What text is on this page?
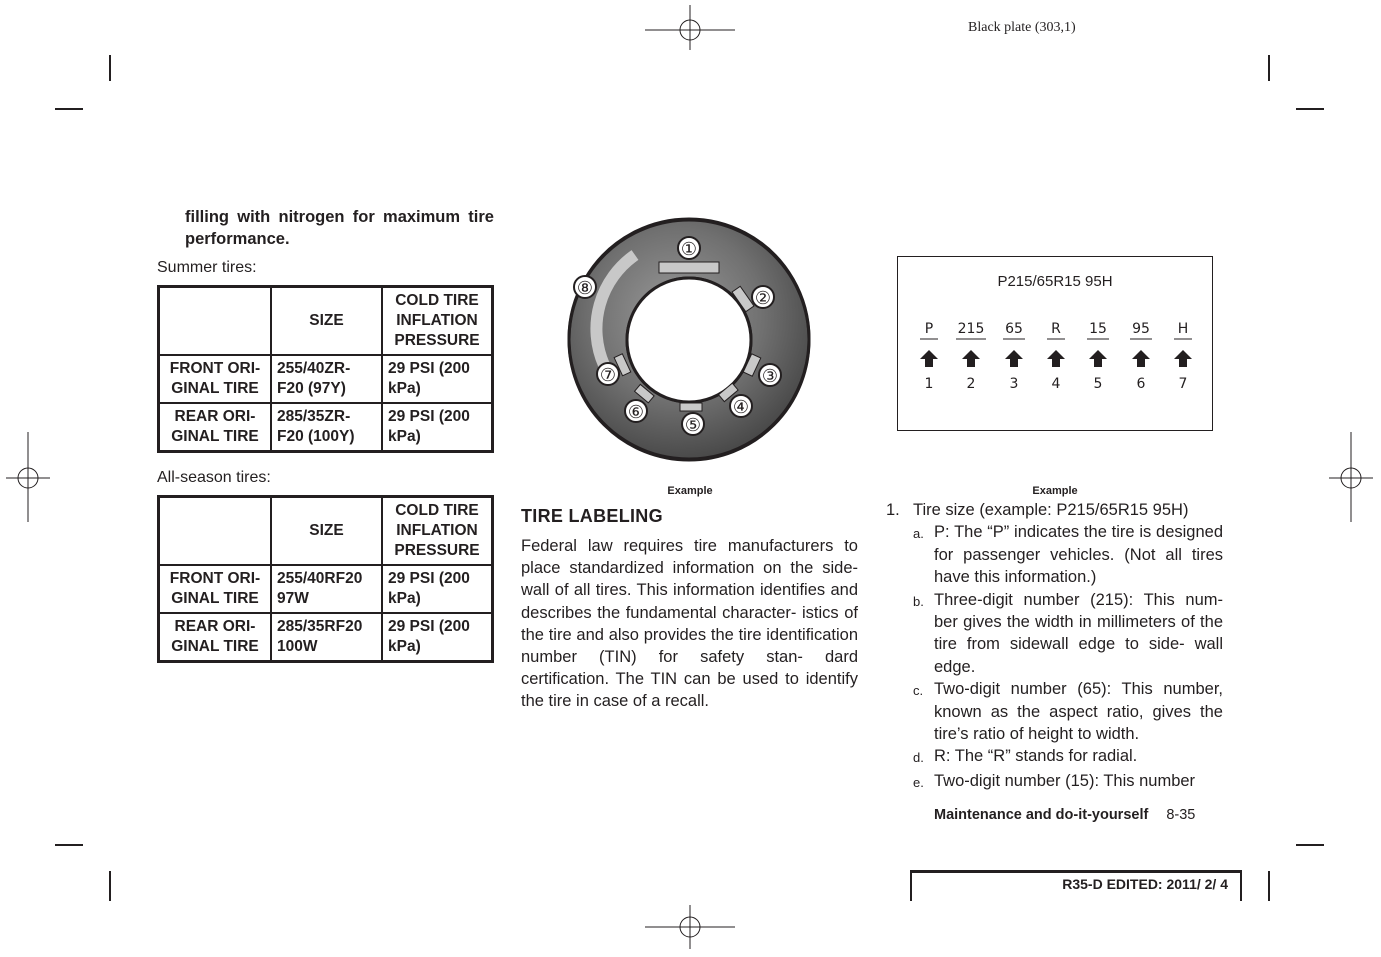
Black plate (303,1)

filling with nitrogen for maximum tire performance.

Summer tires:
	SIZE	COLD TIRE INFLATION PRESSURE
FRONT ORI- GINAL TIRE	255/40ZR- F20 (97Y)	29 PSI (200 kPa)
REAR ORI- GINAL TIRE	285/35ZR- F20 (100Y)	29 PSI (200 kPa)
All-season tires:
	SIZE	COLD TIRE INFLATION PRESSURE
FRONT ORI- GINAL TIRE	255/40RF20 97W	29 PSI (200 kPa)
REAR ORI- GINAL TIRE	285/35RF20 100W	29 PSI (200 kPa)
①
②
③
④
⑤
⑥
⑦
⑧
Example
TIRE LABELING
Federal law requires tire manufacturers to place standardized information on the side- wall of all tires. This information identifies and describes the fundamental character- istics of the tire and also provides the tire identification number (TIN) for safety stan- dard certification. The TIN can be used to identify the tire in case of a recall.
P215/65R15 95H
P
1
215
2
65
3
R
4
15
5
95
6
H
7
Example
1. Tire size (example: P215/65R15 95H)
a. P: The “P” indicates the tire is designed for passenger vehicles. (Not all tires have this information.)
b. Three-digit number (215): This num- ber gives the width in millimeters of the tire from sidewall edge to side- wall edge.
c. Two-digit number (65): This number, known as the aspect ratio, gives the tire’s ratio of height to width.
d. R: The “R” stands for radial.
e. Two-digit number (15): This number
Maintenance and do-it-yourself 8-35
R35-D EDITED: 2011/ 2/ 4
